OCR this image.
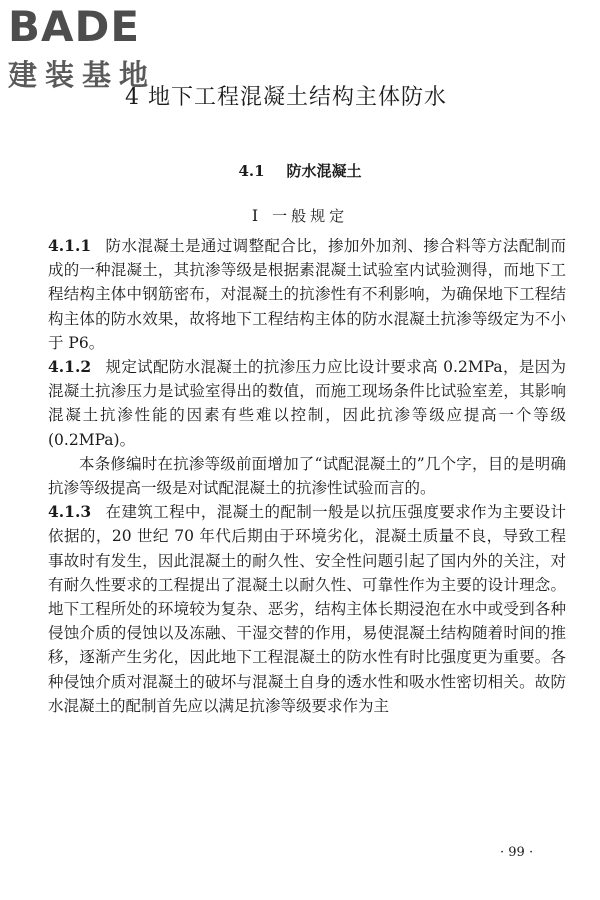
BADE
建装基地
4 地下工程混凝土结构主体防水
4.1 防水混凝土
Ⅰ 一般规定

4.1.1 防水混凝土是通过调整配合比，掺加外加剂、掺合料等方法配制而成的一种混凝土，其抗渗等级是根据素混凝土试验室内试验测得，而地下工程结构主体中钢筋密布，对混凝土的抗渗性有不利影响，为确保地下工程结构主体的防水效果，故将地下工程结构主体的防水混凝土抗渗等级定为不小于 P6。

4.1.2 规定试配防水混凝土的抗渗压力应比设计要求高 0.2MPa，是因为混凝土抗渗压力是试验室得出的数值，而施工现场条件比试验室差，其影响混凝土抗渗性能的因素有些难以控制，因此抗渗等级应提高一个等级(0.2MPa)。

本条修编时在抗渗等级前面增加了“试配混凝土的”几个字，目的是明确抗渗等级提高一级是对试配混凝土的抗渗性试验而言的。

4.1.3 在建筑工程中，混凝土的配制一般是以抗压强度要求作为主要设计依据的，20 世纪 70 年代后期由于环境劣化，混凝土质量不良，导致工程事故时有发生，因此混凝土的耐久性、安全性问题引起了国内外的关注，对有耐久性要求的工程提出了混凝土以耐久性、可靠性作为主要的设计理念。地下工程所处的环境较为复杂、恶劣，结构主体长期浸泡在水中或受到各种侵蚀介质的侵蚀以及冻融、干湿交替的作用，易使混凝土结构随着时间的推移，逐渐产生劣化，因此地下工程混凝土的防水性有时比强度更为重要。各种侵蚀介质对混凝土的破坏与混凝土自身的透水性和吸水性密切相关。故防水混凝土的配制首先应以满足抗渗等级要求作为主

· 99 ·
